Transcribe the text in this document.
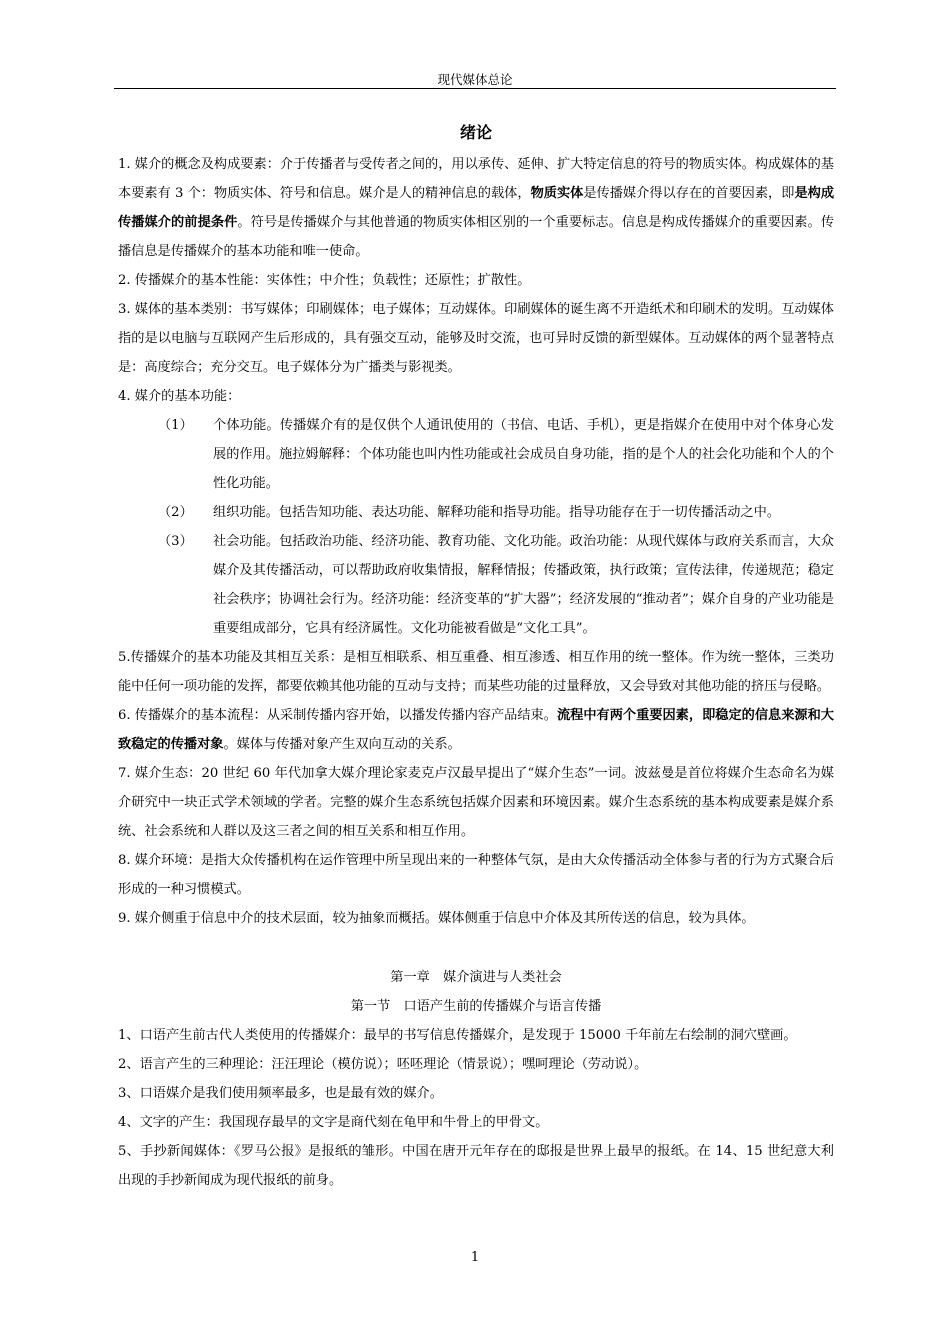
现代媒体总论
绪论

1. 媒介的概念及构成要素：介于传播者与受传者之间的，用以承传、延伸、扩大特定信息的符号的物质实体。构成媒体的基本要素有 3 个：物质实体、符号和信息。媒介是人的精神信息的载体，物质实体是传播媒介得以存在的首要因素，即是构成传播媒介的前提条件。符号是传播媒介与其他普通的物质实体相区别的一个重要标志。信息是构成传播媒介的重要因素。传播信息是传播媒介的基本功能和唯一使命。

2. 传播媒介的基本性能：实体性；中介性；负载性；还原性；扩散性。

3. 媒体的基本类别：书写媒体；印刷媒体；电子媒体；互动媒体。印刷媒体的诞生离不开造纸术和印刷术的发明。互动媒体指的是以电脑与互联网产生后形成的，具有强交互动，能够及时交流，也可异时反馈的新型媒体。互动媒体的两个显著特点是：高度综合；充分交互。电子媒体分为广播类与影视类。

4. 媒介的基本功能：

（1）	个体功能。传播媒介有的是仅供个人通讯使用的（书信、电话、手机），更是指媒介在使用中对个体身心发展的作用。施拉姆解释：个体功能也叫内性功能或社会成员自身功能，指的是个人的社会化功能和个人的个性化功能。
（2）	组织功能。包括告知功能、表达功能、解释功能和指导功能。指导功能存在于一切传播活动之中。
（3）	社会功能。包括政治功能、经济功能、教育功能、文化功能。政治功能：从现代媒体与政府关系而言，大众媒介及其传播活动，可以帮助政府收集情报，解释情报；传播政策，执行政策；宣传法律，传递规范；稳定社会秩序；协调社会行为。经济功能：经济变革的“扩大器”；经济发展的“推动者”；媒介自身的产业功能是重要组成部分，它具有经济属性。文化功能被看做是“文化工具”。

5.传播媒介的基本功能及其相互关系：是相互相联系、相互重叠、相互渗透、相互作用的统一整体。作为统一整体，三类功能中任何一项功能的发挥，都要依赖其他功能的互动与支持；而某些功能的过量释放，又会导致对其他功能的挤压与侵略。

6. 传播媒介的基本流程：从采制传播内容开始，以播发传播内容产品结束。流程中有两个重要因素，即稳定的信息来源和大致稳定的传播对象。媒体与传播对象产生双向互动的关系。

7. 媒介生态：20 世纪 60 年代加拿大媒介理论家麦克卢汉最早提出了“媒介生态”一词。波兹曼是首位将媒介生态命名为媒介研究中一块正式学术领域的学者。完整的媒介生态系统包括媒介因素和环境因素。媒介生态系统的基本构成要素是媒介系统、社会系统和人群以及这三者之间的相互关系和相互作用。

8. 媒介环境：是指大众传播机构在运作管理中所呈现出来的一种整体气氛，是由大众传播活动全体参与者的行为方式聚合后形成的一种习惯模式。

9. 媒介侧重于信息中介的技术层面，较为抽象而概括。媒体侧重于信息中介体及其所传送的信息，较为具体。

第一章　媒介演进与人类社会

第一节　口语产生前的传播媒介与语言传播

1、口语产生前古代人类使用的传播媒介：最早的书写信息传播媒介，是发现于 15000 千年前左右绘制的洞穴壁画。

2、语言产生的三种理论：汪汪理论（模仿说）；呸呸理论（情景说）；嘿呵理论（劳动说）。

3、口语媒介是我们使用频率最多，也是最有效的媒介。

4、文字的产生：我国现存最早的文字是商代刻在龟甲和牛骨上的甲骨文。

5、手抄新闻媒体：《罗马公报》是报纸的雏形。中国在唐开元年存在的邸报是世界上最早的报纸。在 14、15 世纪意大利出现的手抄新闻成为现代报纸的前身。

1
